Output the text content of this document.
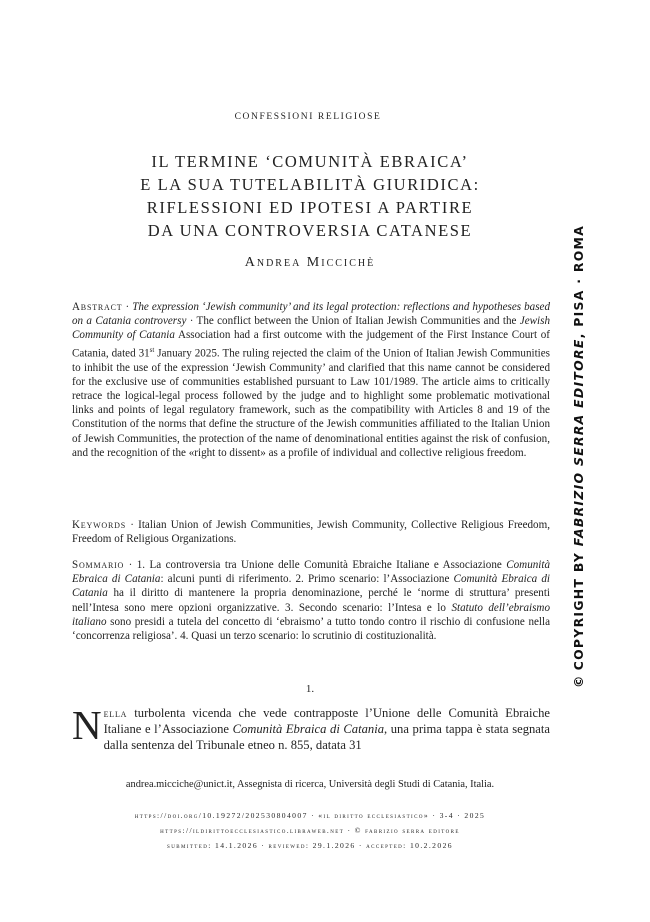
CONFESSIONI RELIGIOSE
IL TERMINE ‘COMUNITÀ EBRAICA’
E LA SUA TUTELABILITÀ GIURIDICA:
RIFLESSIONI ED IPOTESI A PARTIRE
DA UNA CONTROVERSIA CATANESE
Andrea Miccichè
Abstract · The expression ‘Jewish community’ and its legal protection: reflections and hypotheses based on a Catania controversy · The conflict between the Union of Italian Jewish Communities and the Jewish Community of Catania Association had a first outcome with the judgement of the First Instance Court of Catania, dated 31st January 2025. The ruling rejected the claim of the Union of Italian Jewish Communities to inhibit the use of the expression ‘Jewish Community’ and clarified that this name cannot be considered for the exclusive use of communities established pursuant to Law 101/1989. The article aims to critically retrace the logical-legal process followed by the judge and to highlight some problematic motivational links and points of legal regulatory framework, such as the compatibility with Articles 8 and 19 of the Constitution of the norms that define the structure of the Jewish communities affiliated to the Italian Union of Jewish Communities, the protection of the name of denominational entities against the risk of confusion, and the recognition of the «right to dissent» as a profile of individual and collective religious freedom.
Keywords · Italian Union of Jewish Communities, Jewish Community, Collective Religious Freedom, Freedom of Religious Organizations.
Sommario · 1. La controversia tra Unione delle Comunità Ebraiche Italiane e Associazione Comunità Ebraica di Catania: alcuni punti di riferimento. 2. Primo scenario: l’Associazione Comunità Ebraica di Catania ha il diritto di mantenere la propria denominazione, perché le ‘norme di struttura’ presenti nell’Intesa sono mere opzioni organizzative. 3. Secondo scenario: l’Intesa e lo Statuto dell’ebraismo italiano sono presidi a tutela del concetto di ‘ebraismo’ a tutto tondo contro il rischio di confusione nella ‘concorrenza religiosa’. 4. Quasi un terzo scenario: lo scrutinio di costituzionalità.
1.
Nella turbolenta vicenda che vede contrapposte l’Unione delle Comunità Ebraiche Italiane e l’Associazione Comunità Ebraica di Catania, una prima tappa è stata segnata dalla sentenza del Tribunale etneo n. 855, datata 31
andrea.micciche@unict.it, Assegnista di ricerca, Università degli Studi di Catania, Italia.
https://doi.org/10.19272/202530804007 · «il diritto ecclesiastico» · 3-4 · 2025
https://ildirittoecclesiastico.libraweb.net · © fabrizio serra editore
submitted: 14.1.2026 · reviewed: 29.1.2026 · accepted: 10.2.2026
©COPYRIGHT BY FABRIZIO SERRA EDITORE, PISA · ROMA
